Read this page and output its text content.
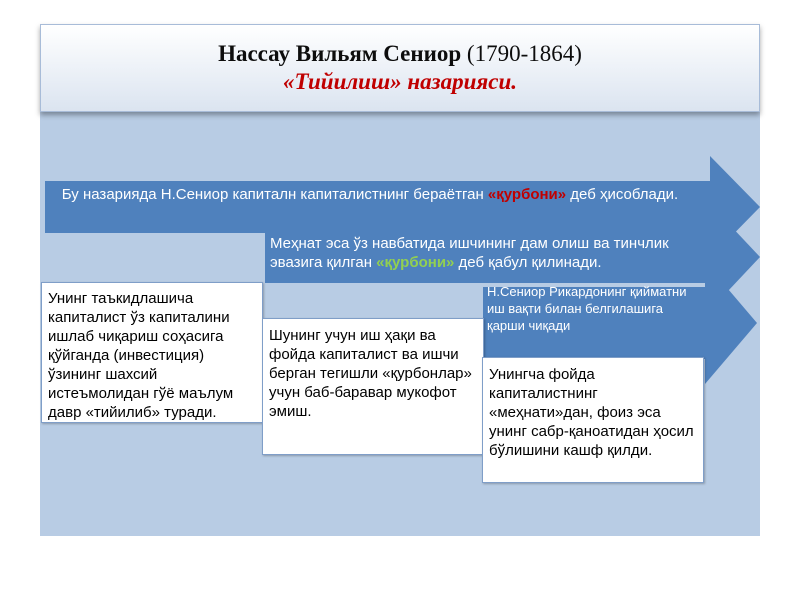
Нассау Вильям Сениор (1790-1864)
«Тийилиш» назарияси.
Бу назарияда Н.Сениор капиталн капиталистнинг бераётган «қурбони» деб ҳисоблади.
Меҳнат эса ўз навбатида ишчининг дам олиш ва тинчлик эвазига қилган «қурбони» деб қабул қилинади.
Н.Сениор Рикардонинг қийматни иш вақти билан белгилашига қарши чиқади
Унинг таъкидлашича капиталист ўз капиталини ишлаб чиқариш соҳасига қўйганда (инвестиция) ўзининг шахсий истеъмолидан гўё маълум давр «тийилиб» туради.
Шунинг учун иш ҳақи ва фойда капиталист ва ишчи берган тегишли «қурбонлар» учун баб-баравар мукофот эмиш.
Унингча фойда капиталистнинг «меҳнати»дан, фоиз эса унинг сабр-қаноатидан ҳосил бўлишини кашф қилди.
